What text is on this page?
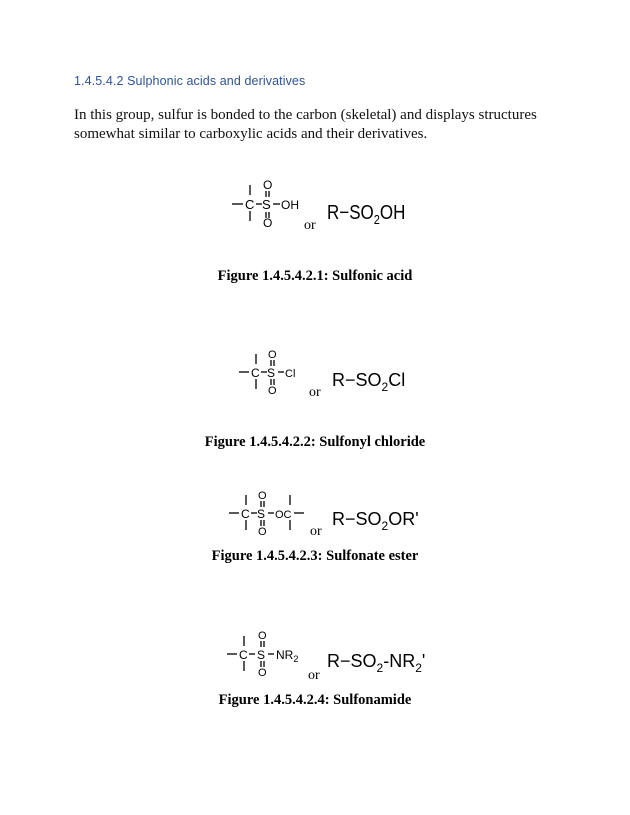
1.4.5.4.2 Sulphonic acids and derivatives
In this group, sulfur is bonded to the carbon (skeletal) and displays structures
somewhat similar to carboxylic acids and their derivatives.
C S
O
O
OH
or
$R-SO_2OH$
Figure 1.4.5.4.2.1: Sulfonic acid
C S
O
O
Cl
or
$R-SO_2Cl$
Figure 1.4.5.4.2.2: Sulfonyl chloride
C S
O
O
OC
or
$R-SO_2OR'$
Figure 1.4.5.4.2.3: Sulfonate ester
C S
O
O
$NR_2$
or
$R-SO_2-NR_2'$
Figure 1.4.5.4.2.4: Sulfonamide
